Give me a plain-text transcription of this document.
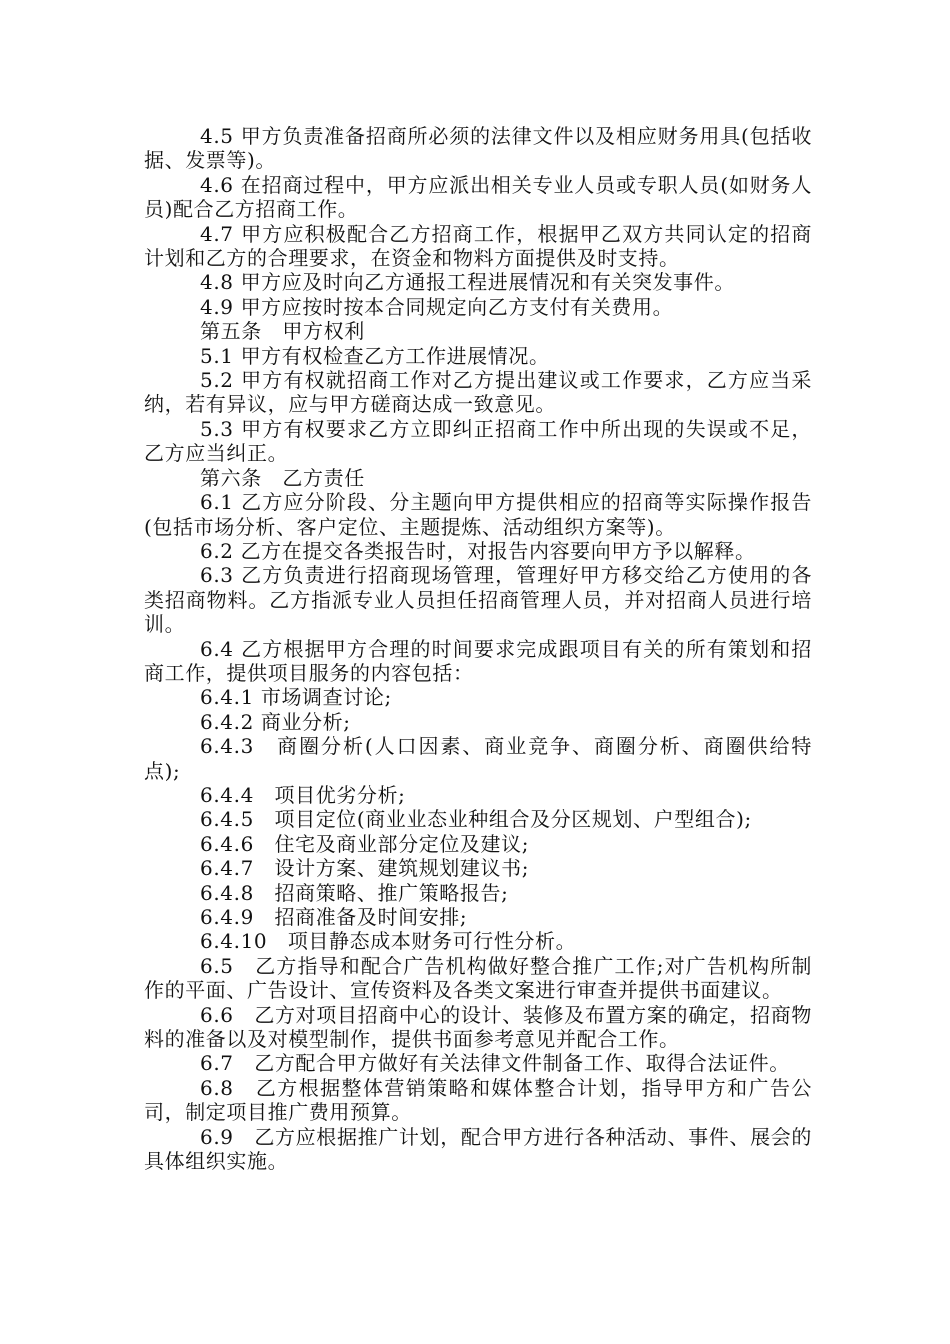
4.5 甲方负责准备招商所必须的法律文件以及相应财务用具(包括收据、发票等)。

4.6 在招商过程中，甲方应派出相关专业人员或专职人员(如财务人员)配合乙方招商工作。

4.7 甲方应积极配合乙方招商工作，根据甲乙双方共同认定的招商计划和乙方的合理要求，在资金和物料方面提供及时支持。

4.8 甲方应及时向乙方通报工程进展情况和有关突发事件。

4.9 甲方应按时按本合同规定向乙方支付有关费用。

第五条　甲方权利

5.1 甲方有权检查乙方工作进展情况。

5.2 甲方有权就招商工作对乙方提出建议或工作要求，乙方应当采纳，若有异议，应与甲方磋商达成一致意见。

5.3 甲方有权要求乙方立即纠正招商工作中所出现的失误或不足，乙方应当纠正。

第六条　乙方责任

6.1 乙方应分阶段、分主题向甲方提供相应的招商等实际操作报告(包括市场分析、客户定位、主题提炼、活动组织方案等)。

6.2 乙方在提交各类报告时，对报告内容要向甲方予以解释。

6.3 乙方负责进行招商现场管理，管理好甲方移交给乙方使用的各类招商物料。乙方指派专业人员担任招商管理人员，并对招商人员进行培训。

6.4 乙方根据甲方合理的时间要求完成跟项目有关的所有策划和招商工作，提供项目服务的内容包括：

6.4.1 市场调查讨论;

6.4.2 商业分析;

6.4.3　商圈分析(人口因素、商业竞争、商圈分析、商圈供给特点);

6.4.4　项目优劣分析;

6.4.5　项目定位(商业业态业种组合及分区规划、户型组合);

6.4.6　住宅及商业部分定位及建议;

6.4.7　设计方案、建筑规划建议书;

6.4.8　招商策略、推广策略报告;

6.4.9　招商准备及时间安排;

6.4.10　项目静态成本财务可行性分析。

6.5　乙方指导和配合广告机构做好整合推广工作;对广告机构所制作的平面、广告设计、宣传资料及各类文案进行审查并提供书面建议。

6.6　乙方对项目招商中心的设计、装修及布置方案的确定，招商物料的准备以及对模型制作，提供书面参考意见并配合工作。

6.7　乙方配合甲方做好有关法律文件制备工作、取得合法证件。

6.8　乙方根据整体营销策略和媒体整合计划，指导甲方和广告公司，制定项目推广费用预算。

6.9　乙方应根据推广计划，配合甲方进行各种活动、事件、展会的具体组织实施。
